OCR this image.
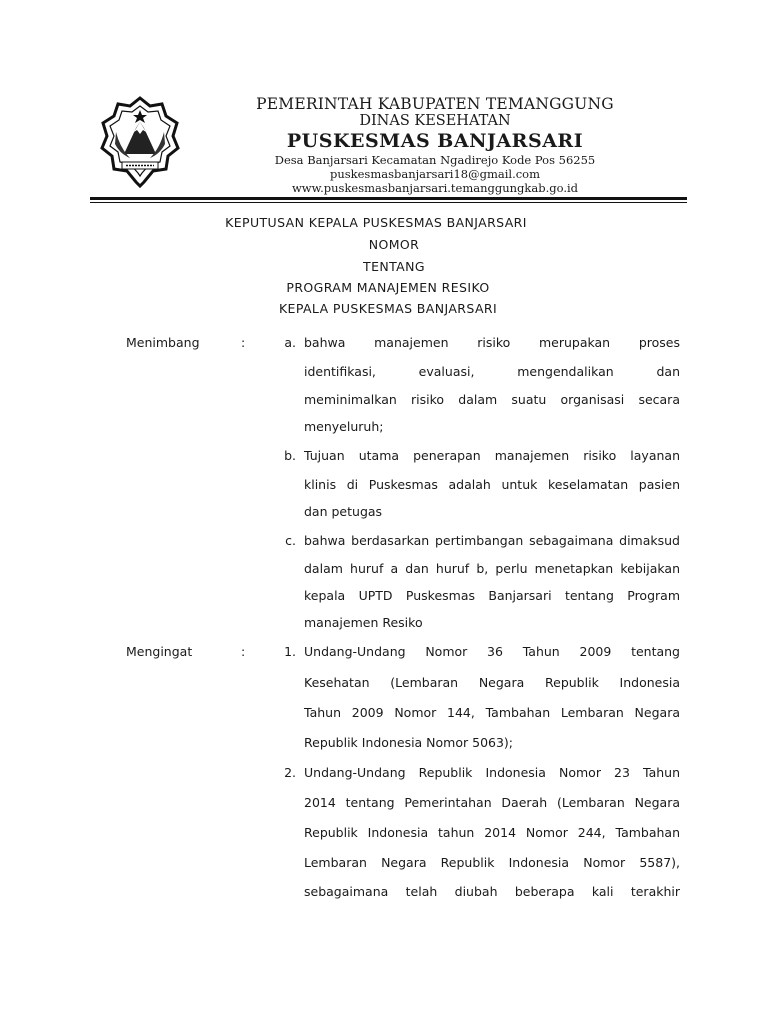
PEMERINTAH KABUPATEN TEMANGGUNG
DINAS KESEHATAN
PUSKESMAS BANJARSARI
Desa Banjarsari Kecamatan Ngadirejo Kode Pos 56255
puskesmasbanjarsari18@gmail.com
www.puskesmasbanjarsari.temanggungkab.go.id
KEPUTUSAN KEPALA PUSKESMAS BANJARSARI
NOMOR
TENTANG
PROGRAM MANAJEMEN RESIKO
KEPALA PUSKESMAS BANJARSARI
Menimbang	:	a. bahwa manajemen risiko merupakan proses
identifikasi, evaluasi, mengendalikan dan
meminimalkan risiko dalam suatu organisasi secara
menyeluruh;
b. Tujuan utama penerapan manajemen risiko layanan
klinis di Puskesmas adalah untuk keselamatan pasien
dan petugas
c. bahwa berdasarkan pertimbangan sebagaimana dimaksud
dalam huruf a dan huruf b, perlu menetapkan kebijakan
kepala UPTD Puskesmas Banjarsari tentang Program
manajemen Resiko
Mengingat	:	1. Undang-Undang Nomor 36 Tahun 2009 tentang
Kesehatan (Lembaran Negara Republik Indonesia
Tahun 2009 Nomor 144, Tambahan Lembaran Negara
Republik Indonesia Nomor 5063);
2. Undang-Undang Republik Indonesia Nomor 23 Tahun
2014 tentang Pemerintahan Daerah (Lembaran Negara
Republik Indonesia tahun 2014 Nomor 244, Tambahan
Lembaran Negara Republik Indonesia Nomor 5587),
sebagaimana telah diubah beberapa kali terakhir
